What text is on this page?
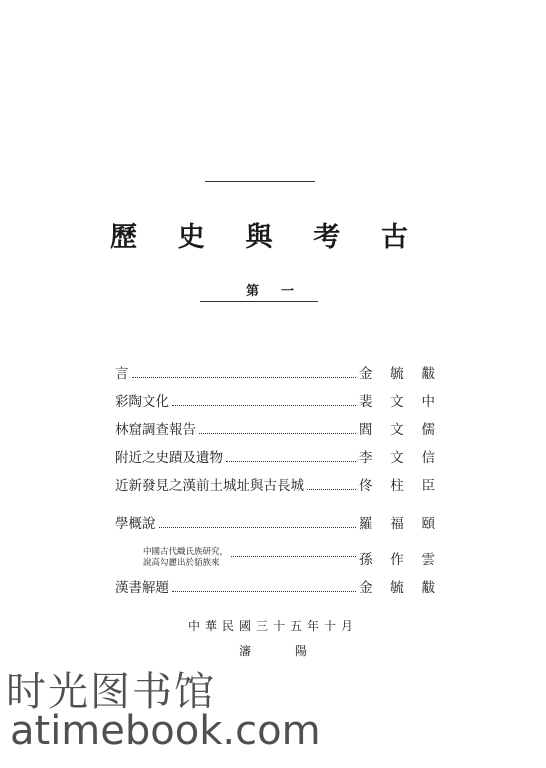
歷 史 與 考 古
第一
言	金 毓 黻
彩陶文化	裴 文 中
林窟調查報告	閻 文 儒
附近之史蹟及遺物	李 文 信
近新發見之漢前土城址與古長城	佟 柱 臣
學概說	羅 福 頤
中國古代織氏族研究，
說高勾麗出於貊族來	孫 作 雲
漢書解題	金 毓 黻
中華民國三十五年十月
瀋	陽
时光图书馆
atimebook.com
